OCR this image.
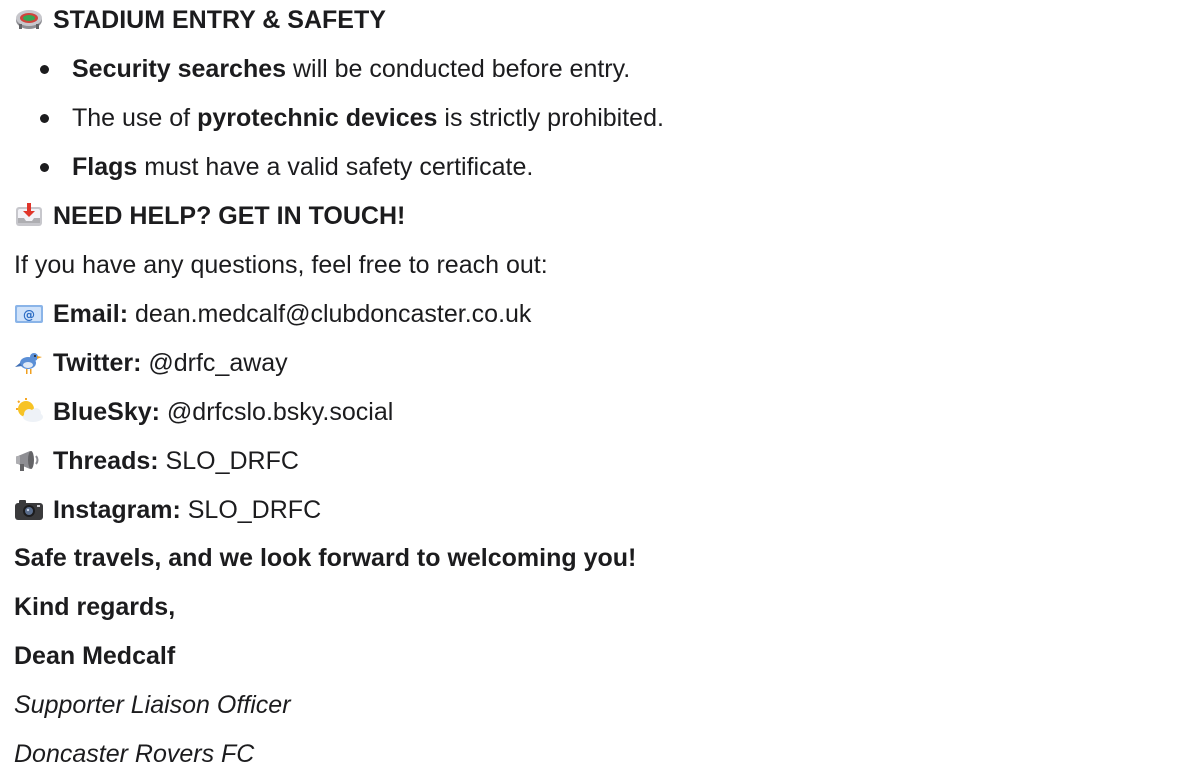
STADIUM ENTRY & SAFETY
Security searches will be conducted before entry.
The use of pyrotechnic devices is strictly prohibited.
Flags must have a valid safety certificate.
NEED HELP? GET IN TOUCH!
If you have any questions, feel free to reach out:
@ Email: dean.medcalf@clubdoncaster.co.uk
Twitter: @drfc_away
BlueSky: @drfcslo.bsky.social
Threads: SLO_DRFC
Instagram: SLO_DRFC
Safe travels, and we look forward to welcoming you!
Kind regards,
Dean Medcalf
Supporter Liaison Officer
Doncaster Rovers FC
